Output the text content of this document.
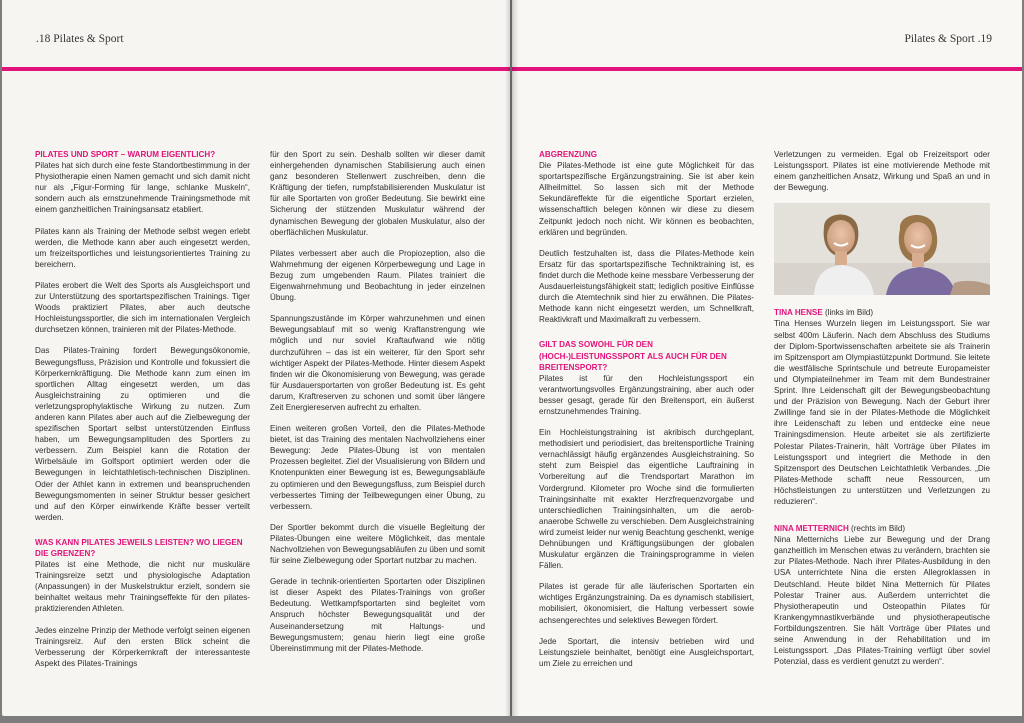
.18 Pilates & Sport
PILATES UND SPORT – WARUM EIGENTLICH?

Pilates hat sich durch eine feste Standortbestimmung in der Physiotherapie einen Namen gemacht und sich damit nicht nur als „Figur-Forming für lange, schlanke Muskeln“, sondern auch als ernstzunehmende Trainingsmethode mit einem ganzheitlichen Trainingsansatz etabliert.

Pilates kann als Training der Methode selbst wegen erlebt werden, die Methode kann aber auch eingesetzt werden, um freizeitsportliches und leistungsorientiertes Training zu bereichern.

Pilates erobert die Welt des Sports als Ausgleichsport und zur Unterstützung des sportartspezifischen Trainings. Tiger Woods praktiziert Pilates, aber auch deutsche Hochleistungssportler, die sich im internationalen Vergleich durchsetzen können, trainieren mit der Pilates-Methode.

Das Pilates-Training fordert Bewegungsökonomie, Bewegungsfluss, Präzision und Kontrolle und fokussiert die Körperkernkräftigung. Die Methode kann zum einen im sportlichen Alltag eingesetzt werden, um das Ausgleichstraining zu optimieren und die verletzungsprophylaktische Wirkung zu nutzen. Zum anderen kann Pilates aber auch auf die Zielbewegung der spezifischen Sportart selbst unterstützenden Einfluss haben, um Bewegungsamplituden des Sportlers zu verbessern. Zum Beispiel kann die Rotation der Wirbelsäule im Golfsport optimiert werden oder die Bewegungen in leichtathletisch-technischen Disziplinen. Oder der Athlet kann in extremen und beanspruchenden Bewegungsmomenten in seiner Struktur besser gesichert und auf den Körper einwirkende Kräfte besser verteilt werden.

WAS KANN PILATES JEWEILS LEISTEN? WO LIEGEN DIE GRENZEN?

Pilates ist eine Methode, die nicht nur muskuläre Trainingsreize setzt und physiologische Adaptation (Anpassungen) in der Muskelstruktur erzielt, sondern sie beinhaltet weitaus mehr Trainingseffekte für den pilates-praktizierenden Athleten.

Jedes einzelne Prinzip der Methode verfolgt seinen eigenen Trainingsreiz. Auf den ersten Blick scheint die Verbesserung der Körperkernkraft der interessanteste Aspekt des Pilates-Trainings

für den Sport zu sein. Deshalb sollten wir dieser damit einhergehenden dynamischen Stabilisierung auch einen ganz besonderen Stellenwert zuschreiben, denn die Kräftigung der tiefen, rumpfstabilisierenden Muskulatur ist für alle Sportarten von großer Bedeutung. Sie bewirkt eine Sicherung der stützenden Muskulatur während der dynamischen Bewegung der globalen Muskulatur, also der oberflächlichen Muskulatur.

Pilates verbessert aber auch die Propiozeption, also die Wahrnehmung der eigenen Körperbewegung und Lage in Bezug zum umgebenden Raum. Pilates trainiert die Eigenwahrnehmung und Beobachtung in jeder einzelnen Übung.

Spannungszustände im Körper wahrzunehmen und einen Bewegungsablauf mit so wenig Kraftanstrengung wie möglich und nur soviel Kraftaufwand wie nötig durchzuführen – das ist ein weiterer, für den Sport sehr wichtiger Aspekt der Pilates-Methode. Hinter diesem Aspekt finden wir die Ökonomisierung von Bewegung, was gerade für Ausdauersportarten von großer Bedeutung ist. Es geht darum, Kraftreserven zu schonen und somit über längere Zeit Energiereserven aufrecht zu erhalten.

Einen weiteren großen Vorteil, den die Pilates-Methode bietet, ist das Training des mentalen Nachvollziehens einer Bewegung: Jede Pilates-Übung ist von mentalen Prozessen begleitet. Ziel der Visualisierung von Bildern und Knotenpunkten einer Bewegung ist es, Bewegungsabläufe zu optimieren und den Bewegungsfluss, zum Beispiel durch verbessertes Timing der Teilbewegungen einer Übung, zu verbessern.

Der Sportler bekommt durch die visuelle Begleitung der Pilates-Übungen eine weitere Möglichkeit, das mentale Nachvollziehen von Bewegungsabläufen zu üben und somit für seine Zielbewegung oder Sportart nutzbar zu machen.

Gerade in technik-orientierten Sportarten oder Disziplinen ist dieser Aspekt des Pilates-Trainings von großer Bedeutung. Wettkampfsportarten sind begleitet vom Anspruch höchster Bewegungsqualität und der Auseinandersetzung mit Haltungs- und Bewegungsmustern; genau hierin liegt eine große Übereinstimmung mit der Pilates-Methode.

Pilates & Sport .19
ABGRENZUNG

Die Pilates-Methode ist eine gute Möglichkeit für das sportartspezifische Ergänzungstraining. Sie ist aber kein Allheilmittel. So lassen sich mit der Methode Sekundäreffekte für die eigentliche Sportart erzielen, wissenschaftlich belegen können wir diese zu diesem Zeitpunkt jedoch noch nicht. Wir können es beobachten, erklären und begründen.

Deutlich festzuhalten ist, dass die Pilates-Methode kein Ersatz für das sportartspezifische Techniktraining ist, es findet durch die Methode keine messbare Verbesserung der Ausdauerleistungsfähigkeit statt; lediglich positive Einflüsse durch die Atemtechnik sind hier zu erwähnen. Die Pilates-Methode kann nicht eingesetzt werden, um Schnellkraft, Reaktivkraft und Maximalkraft zu verbessern.

GILT DAS SOWOHL FÜR DEN (HOCH-)LEISTUNGSSPORT ALS AUCH FÜR DEN BREITENSPORT?

Pilates ist für den Hochleistungssport ein verantwortungsvolles Ergänzungstraining, aber auch oder besser gesagt, gerade für den Breitensport, ein äußerst ernstzunehmendes Training.

Ein Hochleistungstraining ist akribisch durchgeplant, methodisiert und periodisiert, das breitensportliche Training vernachlässigt häufig ergänzendes Ausgleichstraining. So steht zum Beispiel das eigentliche Lauftraining in Vorbereitung auf die Trendsportart Marathon im Vordergrund. Kilometer pro Woche sind die formulierten Trainingsinhalte mit exakter Herzfrequenzvorgabe und unterschiedlichen Trainingsinhalten, um die aerob-anaerobe Schwelle zu verschieben. Dem Ausgleichstraining wird zumeist leider nur wenig Beachtung geschenkt, wenige Dehnübungen und Kräftigungsübungen der globalen Muskulatur ergänzen die Trainingsprogramme in vielen Fällen.

Pilates ist gerade für alle läuferischen Sportarten ein wichtiges Ergänzungstraining. Da es dynamisch stabilisiert, mobilisiert, ökonomisiert, die Haltung verbessert sowie achsengerechtes und selektives Bewegen fördert.

Jede Sportart, die intensiv betrieben wird und Leistungsziele beinhaltet, benötigt eine Ausgleichsportart, um Ziele zu erreichen und

Verletzungen zu vermeiden. Egal ob Freizeitsport oder Leistungssport. Pilates ist eine motivierende Methode mit einem ganzheitlichen Ansatz, Wirkung und Spaß an und in der Bewegung.

TINA HENSE (links im Bild)
Tina Henses Wurzeln liegen im Leistungssport. Sie war selbst 400m Läuferin. Nach dem Abschluss des Studiums der Diplom-Sportwissenschaften arbeitete sie als Trainerin im Spitzensport am Olympiastützpunkt Dortmund. Sie leitete die westfälische Sprintschule und betreute Europameister und Olympiateilnehmer im Team mit dem Bundestrainer Sprint. Ihre Leidenschaft gilt der Bewegungsbeobachtung und der Präzision von Bewegung. Nach der Geburt ihrer Zwillinge fand sie in der Pilates-Methode die Möglichkeit ihre Leidenschaft zu leben und entdecke eine neue Trainingsdimension. Heute arbeitet sie als zertifizierte Polestar Pilates-Trainerin, hält Vorträge über Pilates im Leistungssport und integriert die Methode in den Spitzensport des Deutschen Leichtathletik Verbandes. „Die Pilates-Methode schafft neue Ressourcen, um Höchstleistungen zu unterstützen und Verletzungen zu reduzieren“.

NINA METTERNICH (rechts im Bild)
Nina Metternichs Liebe zur Bewegung und der Drang ganzheitlich im Menschen etwas zu verändern, brachten sie zur Pilates-Methode. Nach ihrer Pilates-Ausbildung in den USA unterrichtete Nina die ersten Allegroklassen in Deutschland. Heute bildet Nina Metternich für Pilates Polestar Trainer aus. Außerdem unterrichtet die Physiotherapeutin und Osteopathin Pilates für Krankengymnastikverbände und physiotherapeutische Fortbildungszentren. Sie hält Vorträge über Pilates und seine Anwendung in der Rehabilitation und im Leistungssport. „Das Pilates-Training verfügt über soviel Potenzial, dass es verdient genutzt zu werden“.
